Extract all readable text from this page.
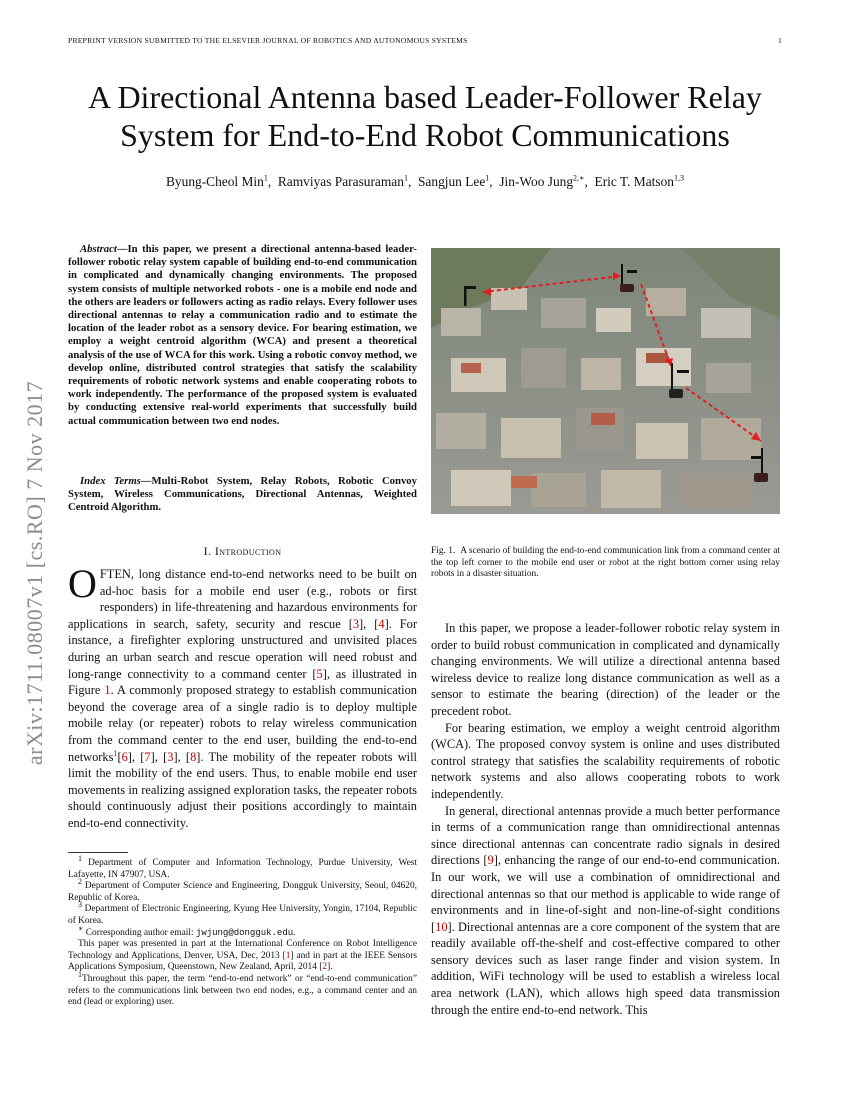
PREPRINT VERSION SUBMITTED TO THE ELSEVIER JOURNAL OF ROBOTICS AND AUTONOMOUS SYSTEMS	1
arXiv:1711.08007v1 [cs.RO] 7 Nov 2017
A Directional Antenna based Leader-Follower Relay System for End-to-End Robot Communications
Byung-Cheol Min$^1$,  Ramviyas Parasuraman$^1$,  Sangjun Lee$^1$,  Jin-Woo Jung$^{2,∗}$,  Eric T. Matson$^{1,3}$
Abstract—In this paper, we present a directional antenna-based leader-follower robotic relay system capable of building end-to-end communication in complicated and dynamically changing environments. The proposed system consists of multiple networked robots - one is a mobile end node and the others are leaders or followers acting as radio relays. Every follower uses directional antennas to relay a communication radio and to estimate the location of the leader robot as a sensory device. For bearing estimation, we employ a weight centroid algorithm (WCA) and present a theoretical analysis of the use of WCA for this work. Using a robotic convoy method, we develop online, distributed control strategies that satisfy the scalability requirements of robotic network systems and enable cooperating robots to work independently. The performance of the proposed system is evaluated by conducting extensive real-world experiments that successfully build actual communication between two end nodes.
Index Terms—Multi-Robot System, Relay Robots, Robotic Convoy System, Wireless Communications, Directional Antennas, Weighted Centroid Algorithm.
I. Introduction
OFTEN, long distance end-to-end networks need to be built on ad-hoc basis for a mobile end user (e.g., robots or first responders) in life-threatening and hazardous environments for applications in search, safety, security and rescue [3], [4]. For instance, a firefighter exploring unstructured and unvisited places during an urban search and rescue operation will need robust and long-range connectivity to a command center [5], as illustrated in Figure 1. A commonly proposed strategy to establish communication beyond the coverage area of a single radio is to deploy multiple mobile relay (or repeater) robots to relay wireless communication from the command center to the end user, building the end-to-end networks$^1$[6], [7], [3], [8]. The mobility of the repeater robots will limit the mobility of the end users. Thus, to enable mobile end user movements in realizing assigned exploration tasks, the repeater robots should continuously adjust their positions accordingly to maintain end-to-end connectivity.

$^1$ Department of Computer and Information Technology, Purdue University, West Lafayette, IN 47907, USA.

$^2$ Department of Computer Science and Engineering, Dongguk University, Seoul, 04620, Republic of Korea.

$^3$ Department of Electronic Engineering, Kyung Hee University, Yongin, 17104, Republic of Korea.

∗ Corresponding author email: jwjung@dongguk.edu.

This paper was presented in part at the International Conference on Robot Intelligence Technology and Applications, Denver, USA, Dec, 2013 [1] and in part at the IEEE Sensors Applications Symposium, Queenstown, New Zealand, April, 2014 [2].

$^1$Throughout this paper, the term “end-to-end network” or “end-to-end communication” refers to the communications link between two end nodes, e.g., a command center and an end (lead or exploring) user.

Fig. 1. A scenario of building the end-to-end communication link from a command center at the top left corner to the mobile end user or robot at the right bottom corner using relay robots in a disaster situation.

In this paper, we propose a leader-follower robotic relay system in order to build robust communication in complicated and dynamically changing environments. We will utilize a directional antenna based wireless device to realize long distance communication as well as a sensor to estimate the bearing (direction) of the leader or the precedent robot.

For bearing estimation, we employ a weight centroid algorithm (WCA). The proposed convoy system is online and uses distributed control strategy that satisfies the scalability requirements of robotic network systems and also allows cooperating robots to work independently.

In general, directional antennas provide a much better performance in terms of a communication range than omnidirectional antennas since directional antennas can concentrate radio signals in desired directions [9], enhancing the range of our end-to-end communication. In our work, we will use a combination of omnidirectional and directional antennas so that our method is applicable to wide range of environments and in line-of-sight and non-line-of-sight conditions [10]. Directional antennas are a core component of the system that are readily available off-the-shelf and cost-effective compared to other sensory devices such as laser range finder and vision system. In addition, WiFi technology will be used to establish a wireless local area network (LAN), which allows high speed data transmission through the entire end-to-end network. This
